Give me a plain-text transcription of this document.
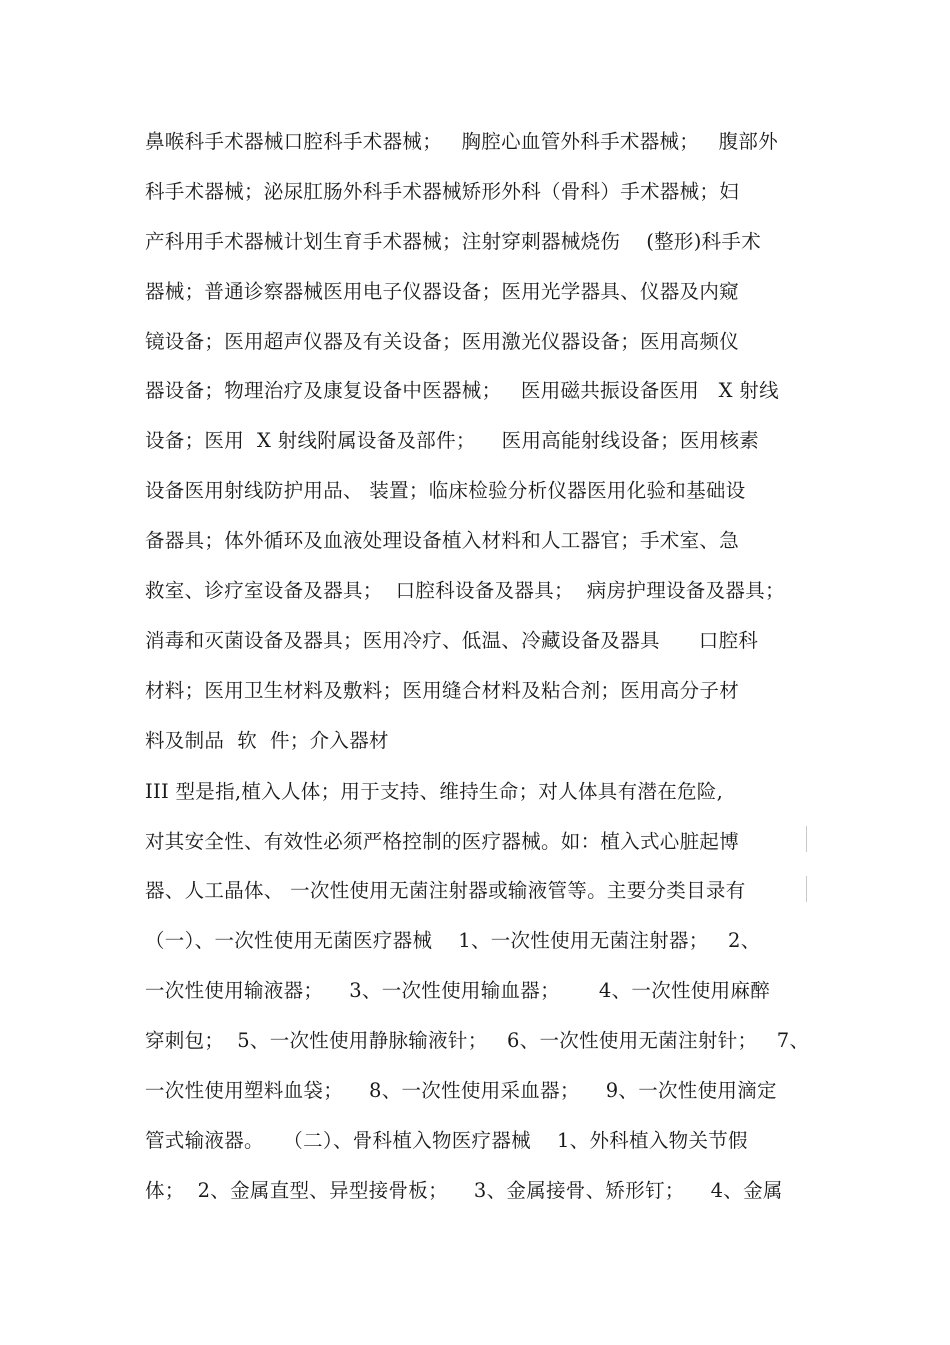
鼻喉科手术器械口腔科手术器械；   胸腔心血管外科手术器械；   腹部外
科手术器械；泌尿肛肠外科手术器械矫形外科（骨科）手术器械；妇
产科用手术器械计划生育手术器械；注射穿刺器械烧伤    (整形)科手术
器械；普通诊察器械医用电子仪器设备；医用光学器具、仪器及内窥
镜设备；医用超声仪器及有关设备；医用激光仪器设备；医用高频仪
器设备；物理治疗及康复设备中医器械；   医用磁共振设备医用   X 射线
设备；医用  X 射线附属设备及部件；    医用高能射线设备；医用核素
设备医用射线防护用品、 装置；临床检验分析仪器医用化验和基础设
备器具；体外循环及血液处理设备植入材料和人工器官；手术室、急
救室、诊疗室设备及器具；  口腔科设备及器具；  病房护理设备及器具；
消毒和灭菌设备及器具；医用冷疗、低温、冷藏设备及器具      口腔科
材料；医用卫生材料及敷料；医用缝合材料及粘合剂；医用高分子材
料及制品  软  件；介入器材
III 型是指,植入人体；用于支持、维持生命；对人体具有潜在危险,
对其安全性、有效性必须严格控制的医疗器械。如：植入式心脏起博
器、人工晶体、 一次性使用无菌注射器或输液管等。主要分类目录有
（一）、一次性使用无菌医疗器械    1、一次性使用无菌注射器；   2、
一次性使用输液器；    3、一次性使用输血器；      4、一次性使用麻醉
穿刺包；  5、一次性使用静脉输液针；   6、一次性使用无菌注射针；   7、
一次性使用塑料血袋；    8、一次性使用采血器；    9、一次性使用滴定
管式输液器。   （二）、骨科植入物医疗器械    1、外科植入物关节假
体；  2、金属直型、异型接骨板；    3、金属接骨、矫形钉；    4、金属
